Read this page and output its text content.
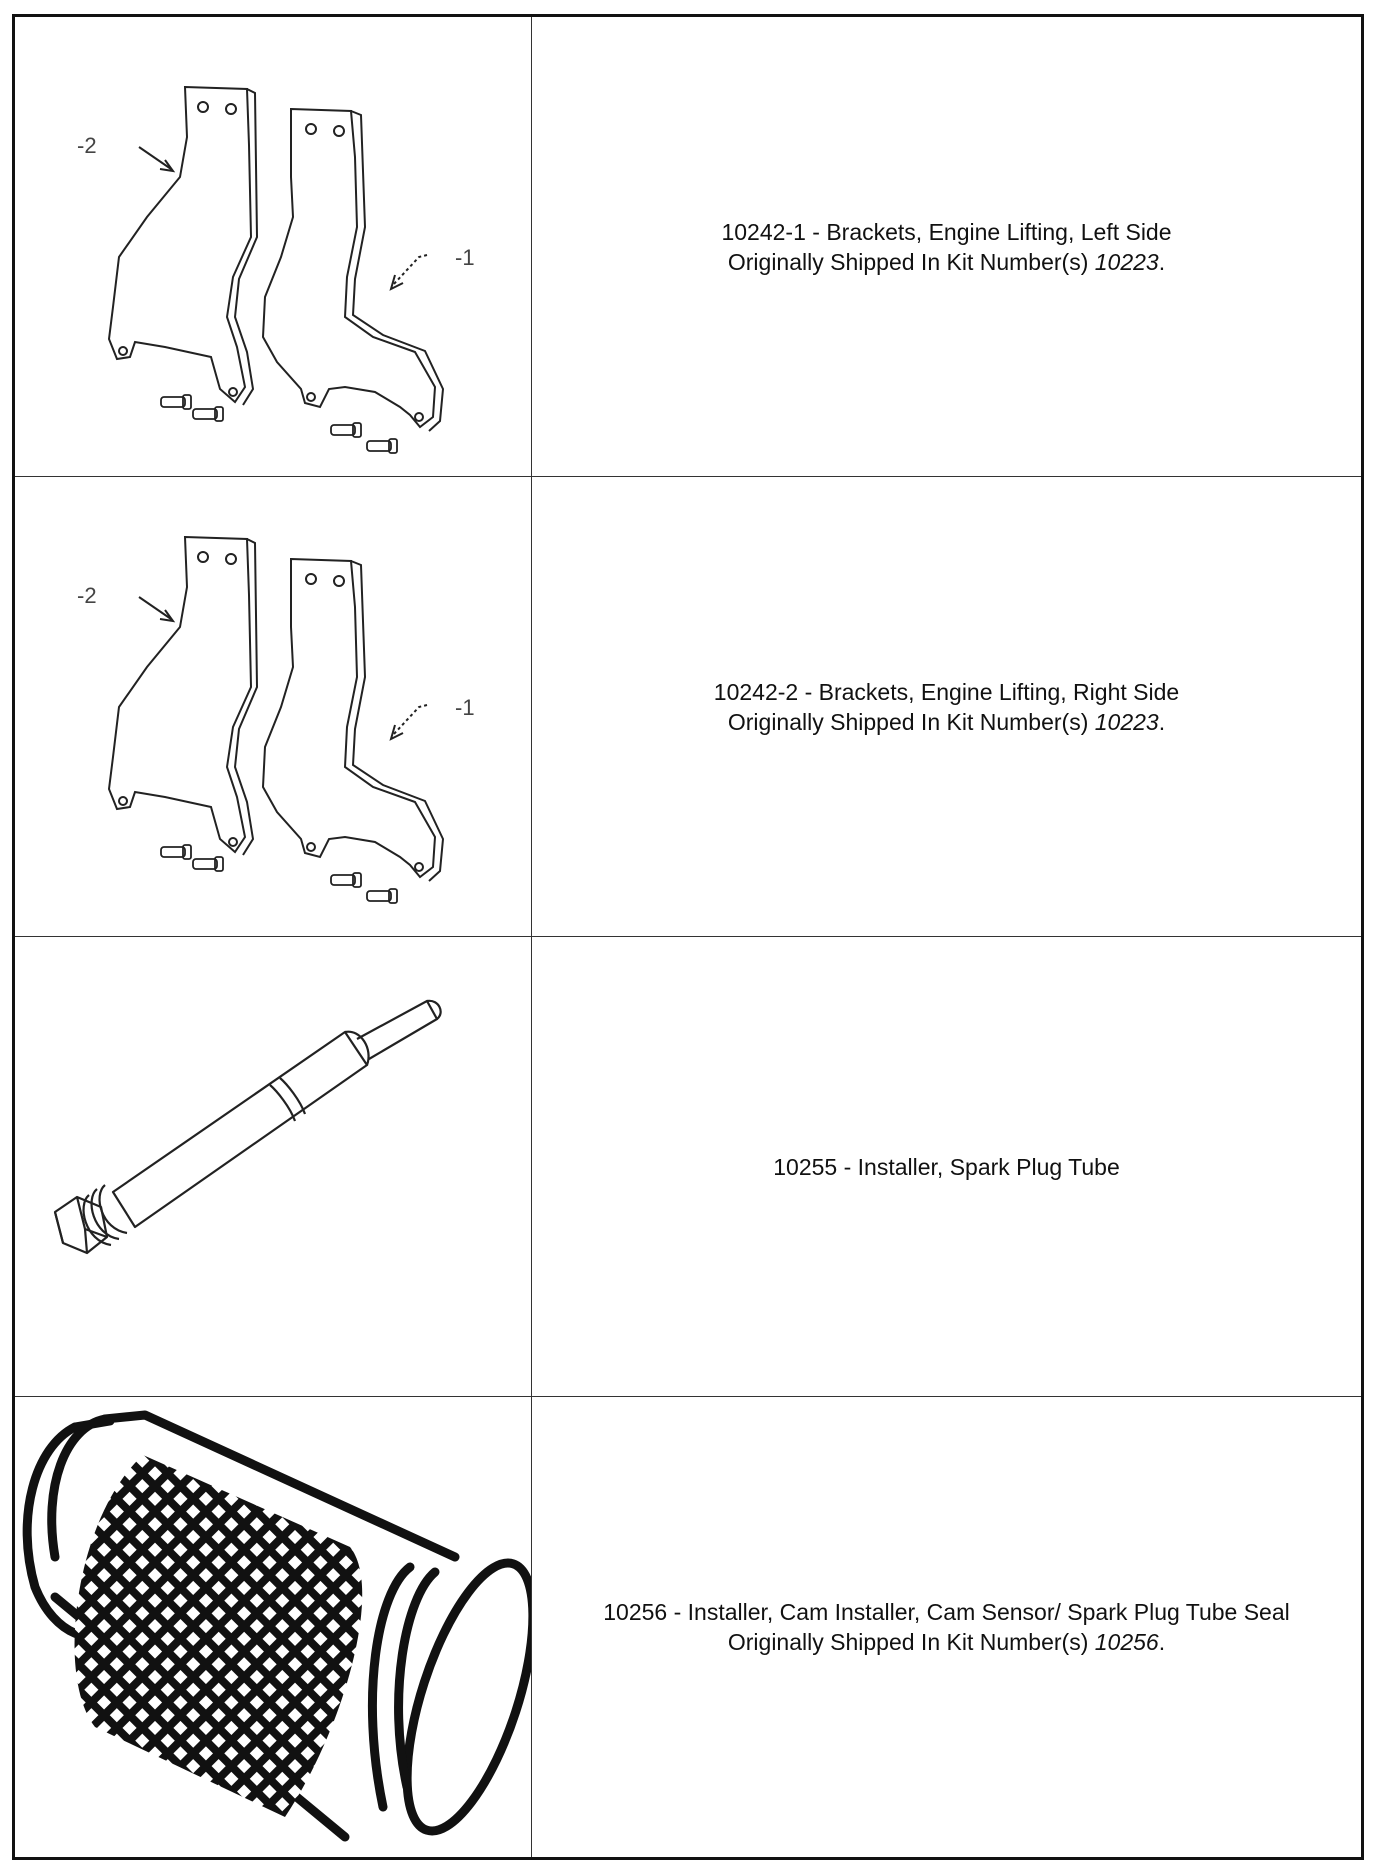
-2
-1
10242-1 - Brackets, Engine Lifting, Left Side
Originally Shipped In Kit Number(s) 10223.
-2
-1
10242-2 - Brackets, Engine Lifting, Right Side
Originally Shipped In Kit Number(s) 10223.
10255 - Installer, Spark Plug Tube
10256 - Installer, Cam Installer, Cam Sensor/ Spark Plug Tube Seal
Originally Shipped In Kit Number(s) 10256.
